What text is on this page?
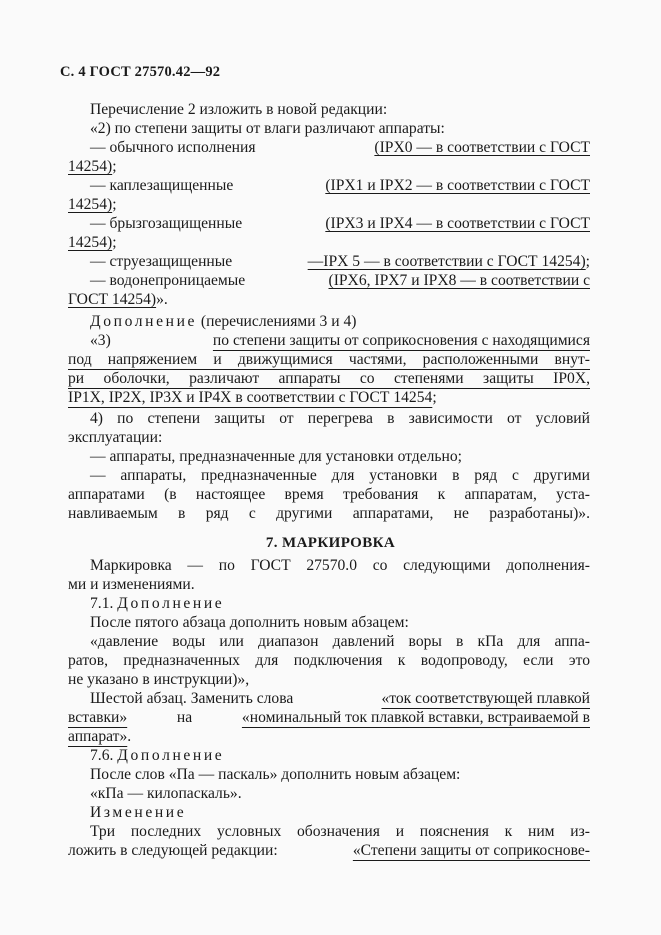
С. 4 ГОСТ 27570.42—92
Перечисление 2 изложить в новой редакции:
«2) по степени защиты от влаги различают аппараты:
— обычного исполнения	(IPX0 — в соответствии с ГОСТ
14254);
— каплезащищенные	(IPX1 и IPX2 — в соответствии с ГОСТ
14254);
— брызгозащищенные	(IPX3 и IPX4 — в соответствии с ГОСТ
14254);
— струезащищенные	—IPX 5 — в соответствии с ГОСТ 14254);
— водонепроницаемые	(IPX6, IPX7 и IPX8 — в соответствии с
ГОСТ 14254)».
Дополнение (перечислениями 3 и 4)
«3)	по степени защиты от соприкосновения с находящимися
под напряжением и движущимися частями, расположенными внут-
ри оболочки, различают аппараты со степенями защиты IP0X,
IP1X, IP2X, IP3X и IP4X в соответствии с ГОСТ 14254;
4) по степени защиты от перегрева в зависимости от условий
эксплуатации:
— аппараты, предназначенные для установки отдельно;
— аппараты, предназначенные для установки в ряд с другими
аппаратами (в настоящее время требования к аппаратам, уста-
навливаемым в ряд с другими аппаратами, не разработаны)».
7. МАРКИРОВКА
Маркировка — по ГОСТ 27570.0 со следующими дополнения-
ми и изменениями.
7.1. Дополнение
После пятого абзаца дополнить новым абзацем:
«давление воды или диапазон давлений воры в кПа для аппа-
ратов, предназначенных для подключения к водопроводу, если это
не указано в инструкции)»,
Шестой абзац. Заменить слова	«ток соответствующей плавкой
вставки»	на	«номинальный ток плавкой вставки, встраиваемой в
аппарат».
7.6. Дополнение
После слов «Па — паскаль» дополнить новым абзацем:
«кПа — килопаскаль».
Изменение
Три последних условных обозначения и пояснения к ним из-
ложить в следующей редакции:	«Степени защиты от соприкоснове-
